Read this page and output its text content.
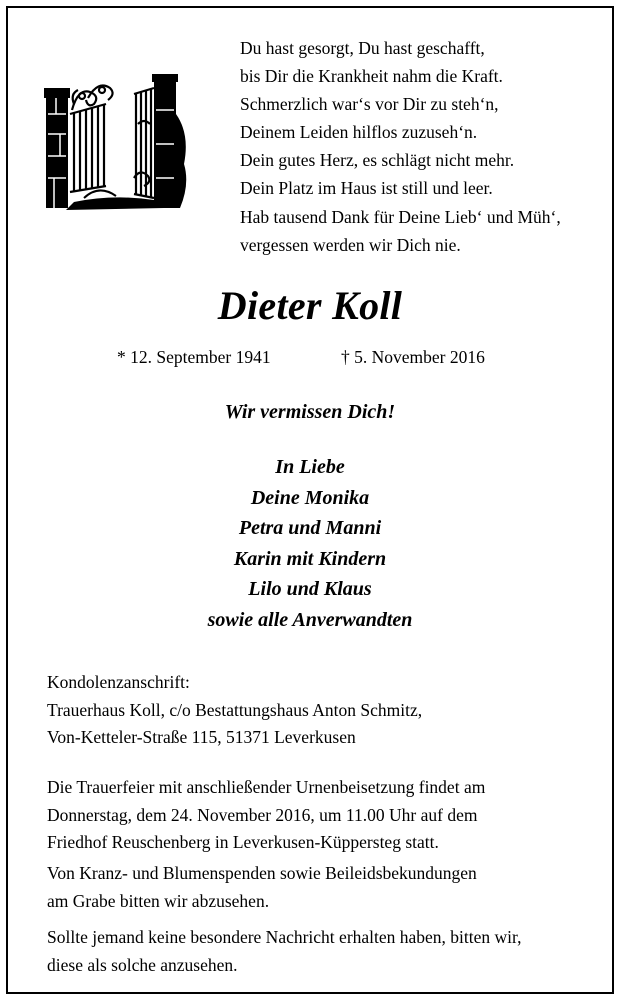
Du hast gesorgt, Du hast geschafft,
bis Dir die Krankheit nahm die Kraft.
Schmerzlich war‘s vor Dir zu steh‘n,
Deinem Leiden hilflos zuzuseh‘n.
Dein gutes Herz, es schlägt nicht mehr.
Dein Platz im Haus ist still und leer.
Hab tausend Dank für Deine Lieb‘ und Müh‘,
vergessen werden wir Dich nie.
Dieter Koll
* 12. September 1941	† 5. November 2016
Wir vermissen Dich!
In Liebe
Deine Monika
Petra und Manni
Karin mit Kindern
Lilo und Klaus
sowie alle Anverwandten
Kondolenzanschrift:
Trauerhaus Koll, c/o Bestattungshaus Anton Schmitz,
Von-Ketteler-Straße 115, 51371 Leverkusen
Die Trauerfeier mit anschließender Urnenbeisetzung findet am
Donnerstag, dem 24. November 2016, um 11.00 Uhr auf dem
Friedhof Reuschenberg in Leverkusen-Küppersteg statt.
Von Kranz- und Blumenspenden sowie Beileidsbekundungen
am Grabe bitten wir abzusehen.
Sollte jemand keine besondere Nachricht erhalten haben, bitten wir,
diese als solche anzusehen.
